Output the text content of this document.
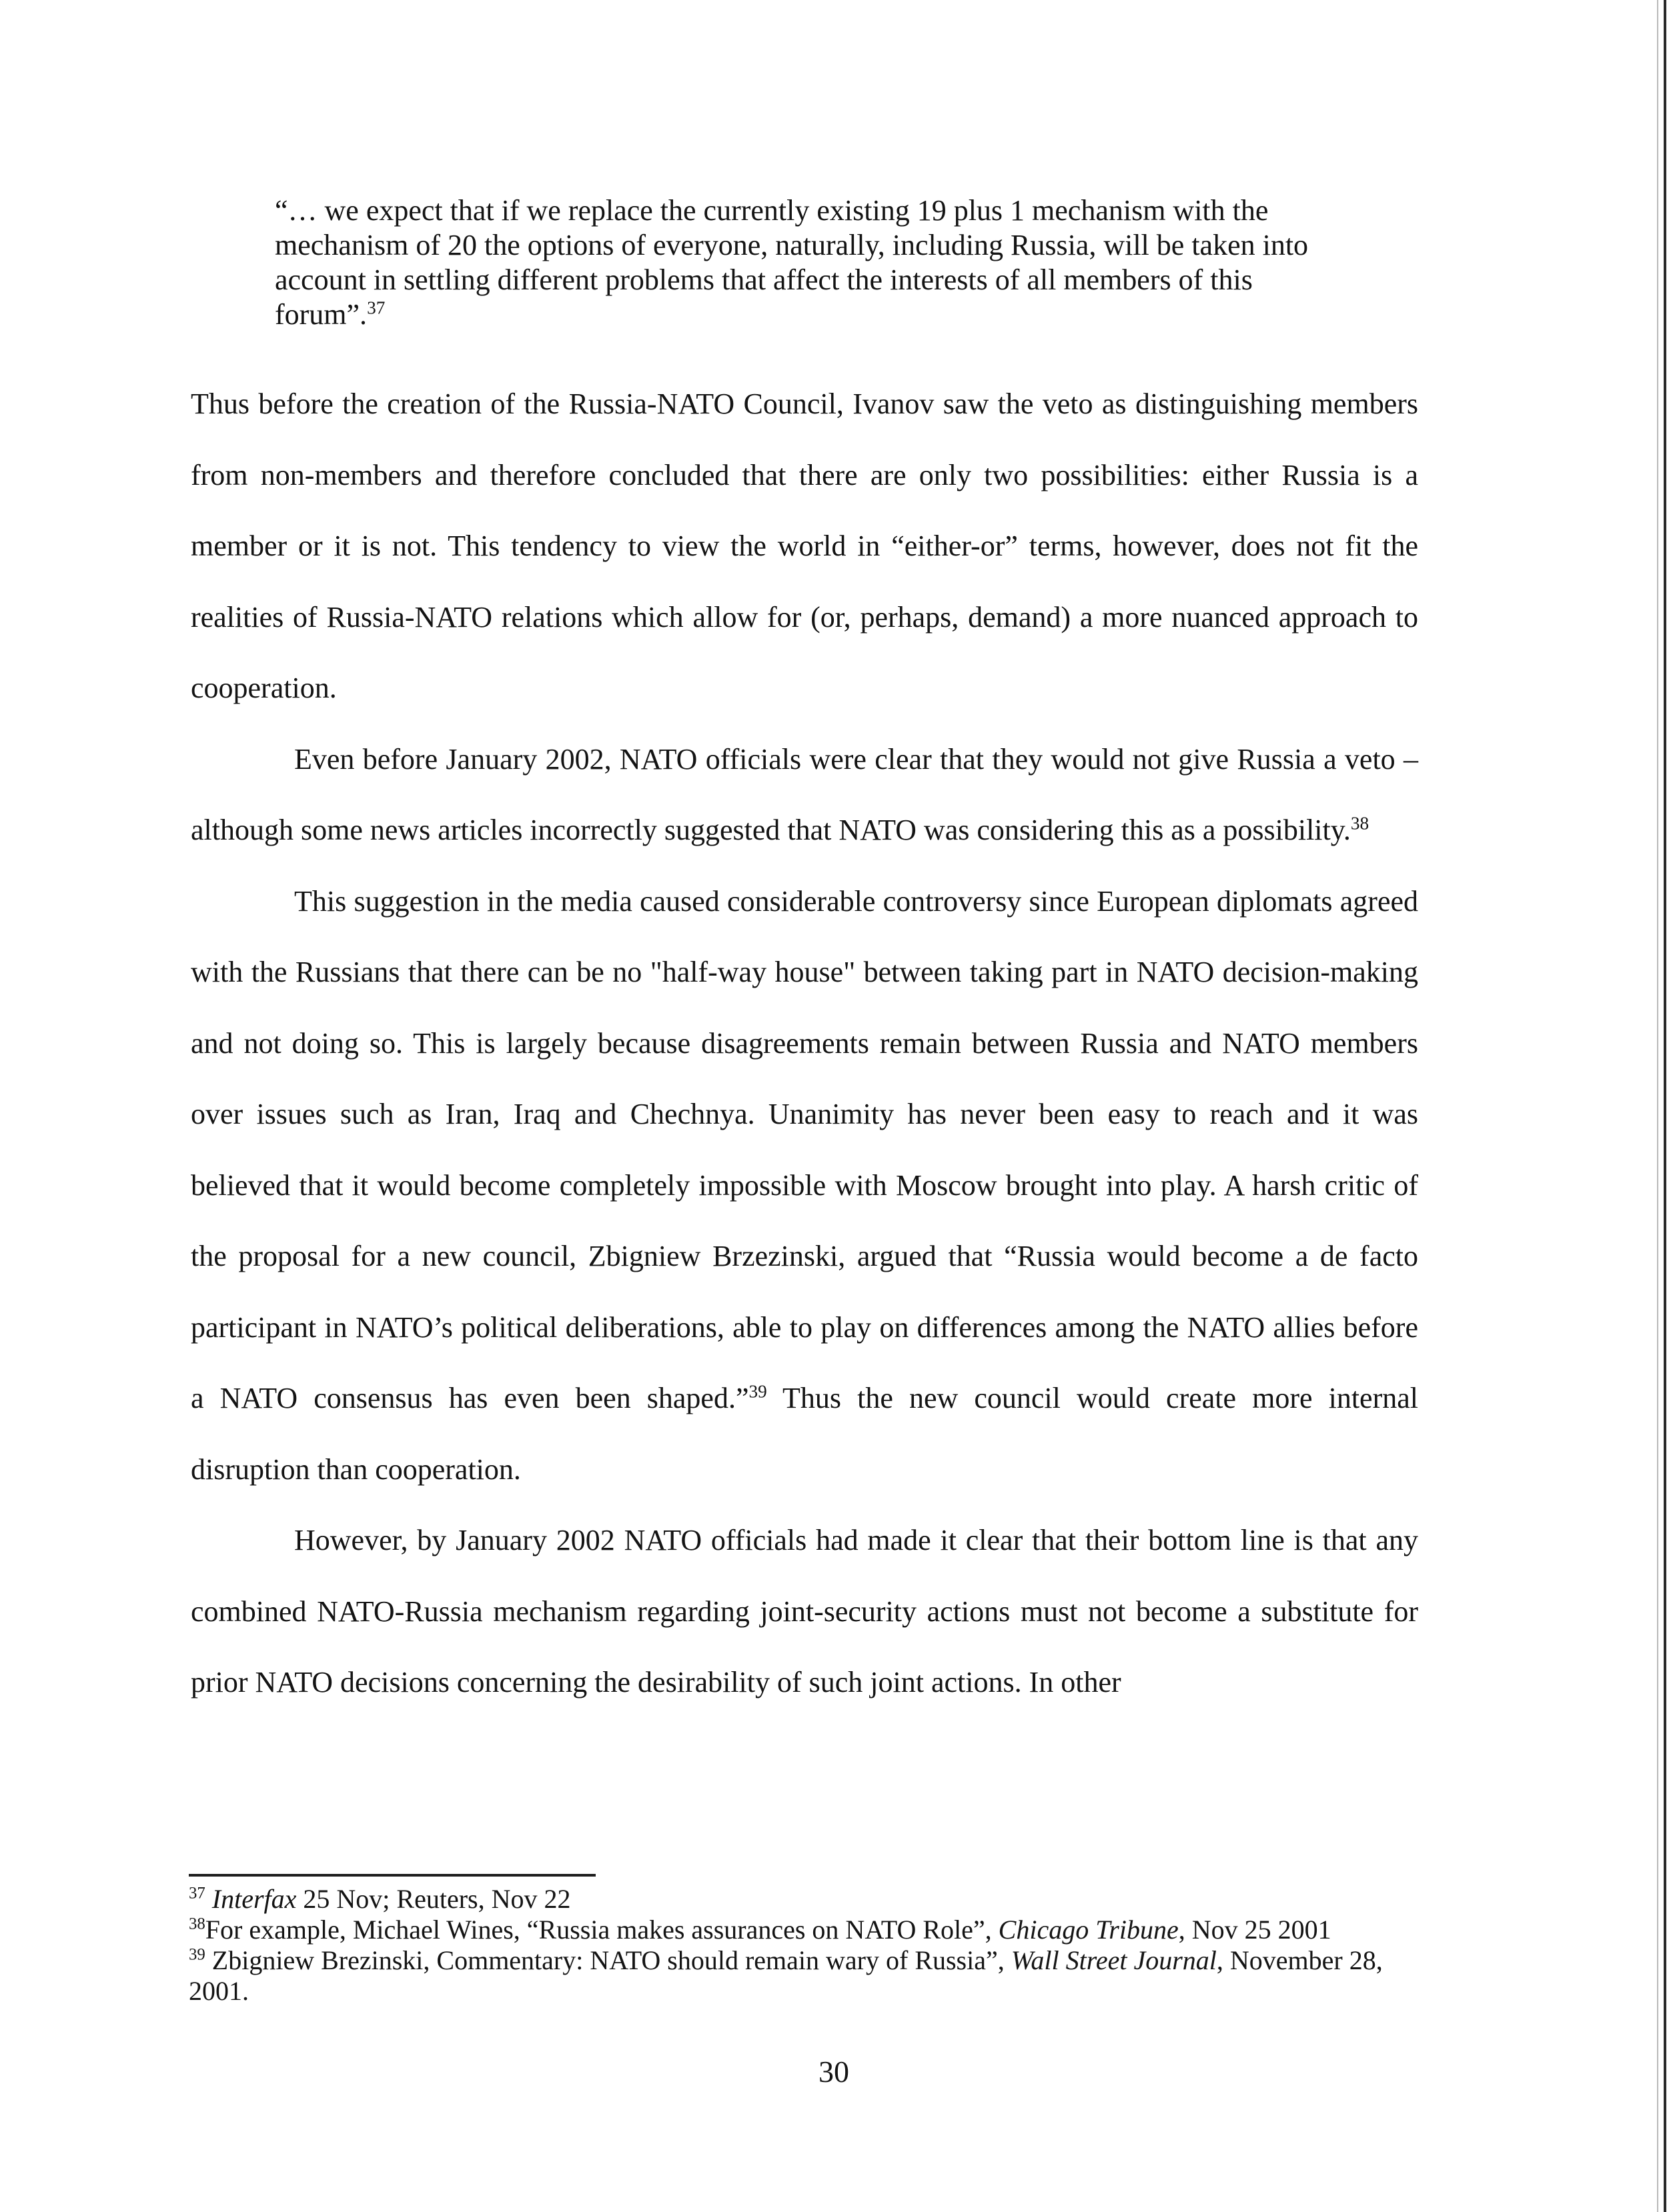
“… we expect that if we replace the currently existing 19 plus 1 mechanism with the mechanism of 20 the options of everyone, naturally, including Russia, will be taken into account in settling different problems that affect the interests of all members of this forum”.$^{37}$

Thus before the creation of the Russia-NATO Council, Ivanov saw the veto as distinguishing members from non-members and therefore concluded that there are only two possibilities: either Russia is a member or it is not. This tendency to view the world in “either-or” terms, however, does not fit the realities of Russia-NATO relations which allow for (or, perhaps, demand) a more nuanced approach to cooperation.

Even before January 2002, NATO officials were clear that they would not give Russia a veto – although some news articles incorrectly suggested that NATO was considering this as a possibility.$^{38}$

This suggestion in the media caused considerable controversy since European diplomats agreed with the Russians that there can be no "half-way house" between taking part in NATO decision-making and not doing so. This is largely because disagreements remain between Russia and NATO members over issues such as Iran, Iraq and Chechnya. Unanimity has never been easy to reach and it was believed that it would become completely impossible with Moscow brought into play. A harsh critic of the proposal for a new council, Zbigniew Brzezinski, argued that “Russia would become a de facto participant in NATO’s political deliberations, able to play on differences among the NATO allies before a NATO consensus has even been shaped.”$^{39}$ Thus the new council would create more internal disruption than cooperation.

However, by January 2002 NATO officials had made it clear that their bottom line is that any combined NATO-Russia mechanism regarding joint-security actions must not become a substitute for prior NATO decisions concerning the desirability of such joint actions. In other

$^{37}$ Interfax 25 Nov; Reuters, Nov 22

$^{38}$For example, Michael Wines, “Russia makes assurances on NATO Role”, Chicago Tribune, Nov 25 2001

$^{39}$ Zbigniew Brezinski, Commentary: NATO should remain wary of Russia”, Wall Street Journal, November 28, 2001.

30
